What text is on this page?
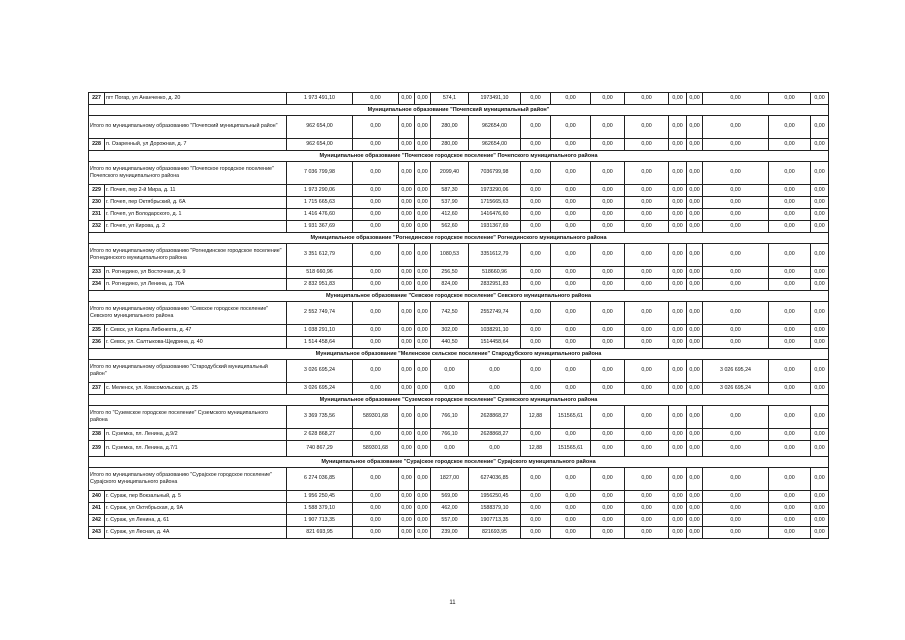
227	пгт Погар, ул Ананченко, д. 20	1 973 491,10	0,00	0,00	0,00	574,1	1973491,10	0,00	0,00	0,00	0,00	0,00	0,00	0,00	0,00	0,00
Муниципальное образование "Почепский муниципальный район"																
Итого по муниципальному образованию "Почепский муниципальный район"		962 654,00	0,00	0,00	0,00	280,00	962654,00	0,00	0,00	0,00	0,00	0,00	0,00	0,00	0,00	0,00
228	п. Озаренный, ул Дорожная, д. 7	962 654,00	0,00	0,00	0,00	280,00	962654,00	0,00	0,00	0,00	0,00	0,00	0,00	0,00	0,00	0,00
Муниципальное образование "Почепское городское поселение" Почепского муниципального района																
Итого по муниципальному образованию "Почепское городское поселение" Почепского муниципального района		7 036 799,98	0,00	0,00	0,00	2099,40	7036799,98	0,00	0,00	0,00	0,00	0,00	0,00	0,00	0,00	0,00
229	г. Почеп, пер 2-й Мира, д. 11	1 973 290,06	0,00	0,00	0,00	587,30	1973290,06	0,00	0,00	0,00	0,00	0,00	0,00	0,00	0,00	0,00
230	г. Почеп, пер Октябрьский, д. 6А	1 715 665,63	0,00	0,00	0,00	537,90	1715665,63	0,00	0,00	0,00	0,00	0,00	0,00	0,00	0,00	0,00
231	г. Почеп, ул Володарского, д. 1	1 416 476,60	0,00	0,00	0,00	412,60	1416476,60	0,00	0,00	0,00	0,00	0,00	0,00	0,00	0,00	0,00
232	г. Почеп, ул Кирова, д. 2	1 931 367,69	0,00	0,00	0,00	562,60	1931367,69	0,00	0,00	0,00	0,00	0,00	0,00	0,00	0,00	0,00
Муниципальное образование "Рогнединское городское поселение" Рогнединского муниципального района																
Итого по муниципальному образованию "Рогнединское городское поселение" Рогнединского муниципального района		3 351 612,79	0,00	0,00	0,00	1080,53	3351612,79	0,00	0,00	0,00	0,00	0,00	0,00	0,00	0,00	0,00
233	п. Рогнедино, ул Восточная, д. 9	518 660,96	0,00	0,00	0,00	256,50	518660,96	0,00	0,00	0,00	0,00	0,00	0,00	0,00	0,00	0,00
234	п. Рогнедино, ул Ленина, д. 70А	2 832 951,83	0,00	0,00	0,00	824,00	2832951,83	0,00	0,00	0,00	0,00	0,00	0,00	0,00	0,00	0,00
Муниципальное образование "Севское городское поселение" Севского муниципального района																
Итого по муниципальному образованию "Севское городское поселение" Севского муниципального района		2 552 749,74	0,00	0,00	0,00	742,50	2552749,74	0,00	0,00	0,00	0,00	0,00	0,00	0,00	0,00	0,00
235	г. Севск, ул Карла Либкнехта, д. 47	1 038 291,10	0,00	0,00	0,00	302,00	1038291,10	0,00	0,00	0,00	0,00	0,00	0,00	0,00	0,00	0,00
236	г. Севск, ул. Салтыкова-Щедрина, д. 40	1 514 458,64	0,00	0,00	0,00	440,50	1514458,64	0,00	0,00	0,00	0,00	0,00	0,00	0,00	0,00	0,00
Муниципальное образование "Меленское сельское поселение" Стародубского муниципального района																
Итого по муниципальному образованию "Стародубский муниципальный район"		3 026 695,24	0,00	0,00	0,00	0,00	0,00	0,00	0,00	0,00	0,00	0,00	0,00	3 026 695,24	0,00	0,00
237	с. Меленск, ул. Комсомольская, д. 25	3 026 695,24	0,00	0,00	0,00	0,00	0,00	0,00	0,00	0,00	0,00	0,00	0,00	3 026 695,24	0,00	0,00
Муниципальное образование "Суземское городское поселение" Суземского муниципального района																
Итого по "Суземское городское поселение" Суземского муниципального района		3 369 735,56	589301,68	0,00	0,00	766,10	2628868,27	12,88	151565,61	0,00	0,00	0,00	0,00	0,00	0,00	0,00
238	п. Суземка, пл. Ленина, д.9/2	2 628 868,27	0,00	0,00	0,00	766,10	2628868,27	0,00	0,00	0,00	0,00	0,00	0,00	0,00	0,00	0,00
239	п. Суземка, пл. Ленина, д.7/1	740 867,29	589301,68	0,00	0,00	0,00	0,00	12,88	151565,61	0,00	0,00	0,00	0,00	0,00	0,00	0,00
Муниципальное образование "Сурајское городское поселение" Сурајского муниципального района																
Итого по муниципальному образованию "Сурајское городское поселение" Сурајского муниципального района		6 274 036,85	0,00	0,00	0,00	1827,00	6274036,85	0,00	0,00	0,00	0,00	0,00	0,00	0,00	0,00	0,00
240	г. Сураж, пер Вокзальный, д. 5	1 956 250,45	0,00	0,00	0,00	569,00	1956250,45	0,00	0,00	0,00	0,00	0,00	0,00	0,00	0,00	0,00
241	г. Сураж, ул Октябрьская, д. 9А	1 588 379,10	0,00	0,00	0,00	462,00	1588379,10	0,00	0,00	0,00	0,00	0,00	0,00	0,00	0,00	0,00
242	г. Сураж, ул Ленина, д. 61	1 907 713,35	0,00	0,00	0,00	557,00	1907713,35	0,00	0,00	0,00	0,00	0,00	0,00	0,00	0,00	0,00
243	г. Сураж, ул Лесная, д. 4А	821 693,95	0,00	0,00	0,00	239,00	821693,95	0,00	0,00	0,00	0,00	0,00	0,00	0,00	0,00	0,00
11
